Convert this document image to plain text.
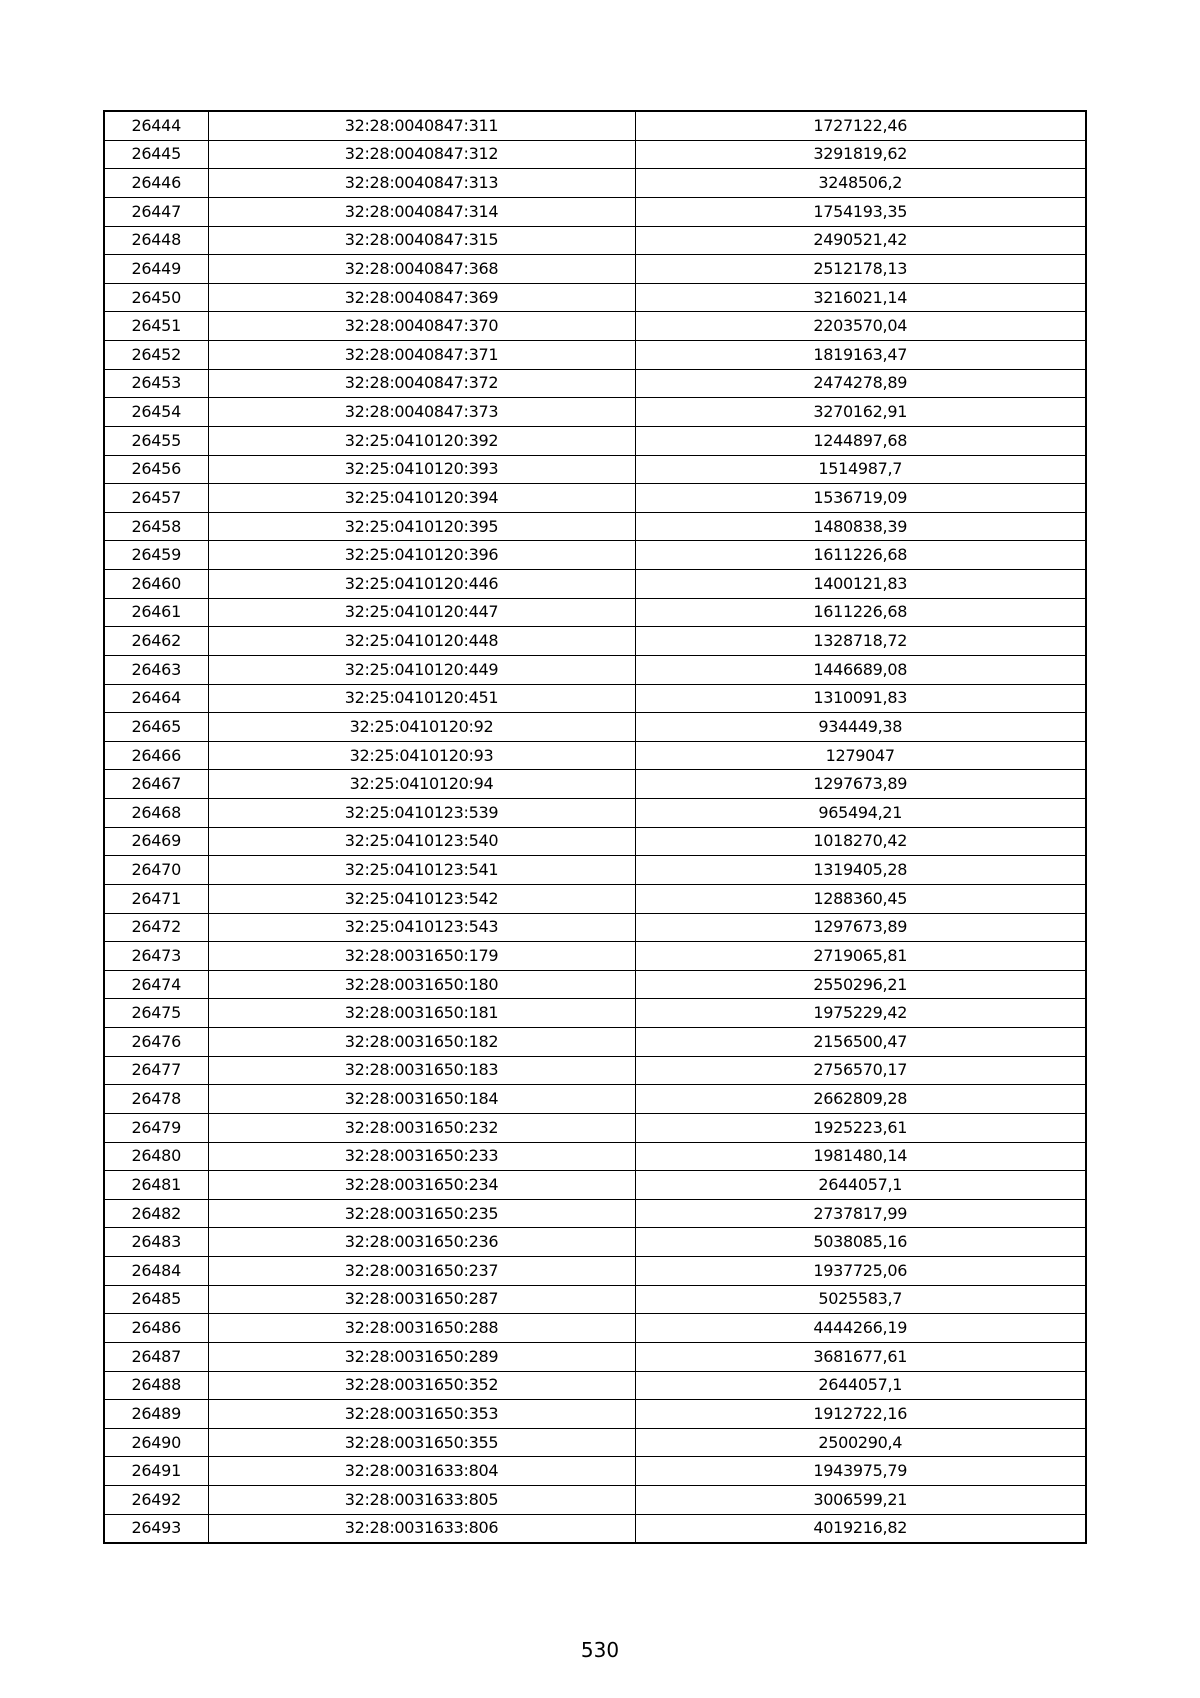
26444	32:28:0040847:311	1727122,46
26445	32:28:0040847:312	3291819,62
26446	32:28:0040847:313	3248506,2
26447	32:28:0040847:314	1754193,35
26448	32:28:0040847:315	2490521,42
26449	32:28:0040847:368	2512178,13
26450	32:28:0040847:369	3216021,14
26451	32:28:0040847:370	2203570,04
26452	32:28:0040847:371	1819163,47
26453	32:28:0040847:372	2474278,89
26454	32:28:0040847:373	3270162,91
26455	32:25:0410120:392	1244897,68
26456	32:25:0410120:393	1514987,7
26457	32:25:0410120:394	1536719,09
26458	32:25:0410120:395	1480838,39
26459	32:25:0410120:396	1611226,68
26460	32:25:0410120:446	1400121,83
26461	32:25:0410120:447	1611226,68
26462	32:25:0410120:448	1328718,72
26463	32:25:0410120:449	1446689,08
26464	32:25:0410120:451	1310091,83
26465	32:25:0410120:92	934449,38
26466	32:25:0410120:93	1279047
26467	32:25:0410120:94	1297673,89
26468	32:25:0410123:539	965494,21
26469	32:25:0410123:540	1018270,42
26470	32:25:0410123:541	1319405,28
26471	32:25:0410123:542	1288360,45
26472	32:25:0410123:543	1297673,89
26473	32:28:0031650:179	2719065,81
26474	32:28:0031650:180	2550296,21
26475	32:28:0031650:181	1975229,42
26476	32:28:0031650:182	2156500,47
26477	32:28:0031650:183	2756570,17
26478	32:28:0031650:184	2662809,28
26479	32:28:0031650:232	1925223,61
26480	32:28:0031650:233	1981480,14
26481	32:28:0031650:234	2644057,1
26482	32:28:0031650:235	2737817,99
26483	32:28:0031650:236	5038085,16
26484	32:28:0031650:237	1937725,06
26485	32:28:0031650:287	5025583,7
26486	32:28:0031650:288	4444266,19
26487	32:28:0031650:289	3681677,61
26488	32:28:0031650:352	2644057,1
26489	32:28:0031650:353	1912722,16
26490	32:28:0031650:355	2500290,4
26491	32:28:0031633:804	1943975,79
26492	32:28:0031633:805	3006599,21
26493	32:28:0031633:806	4019216,82
530
